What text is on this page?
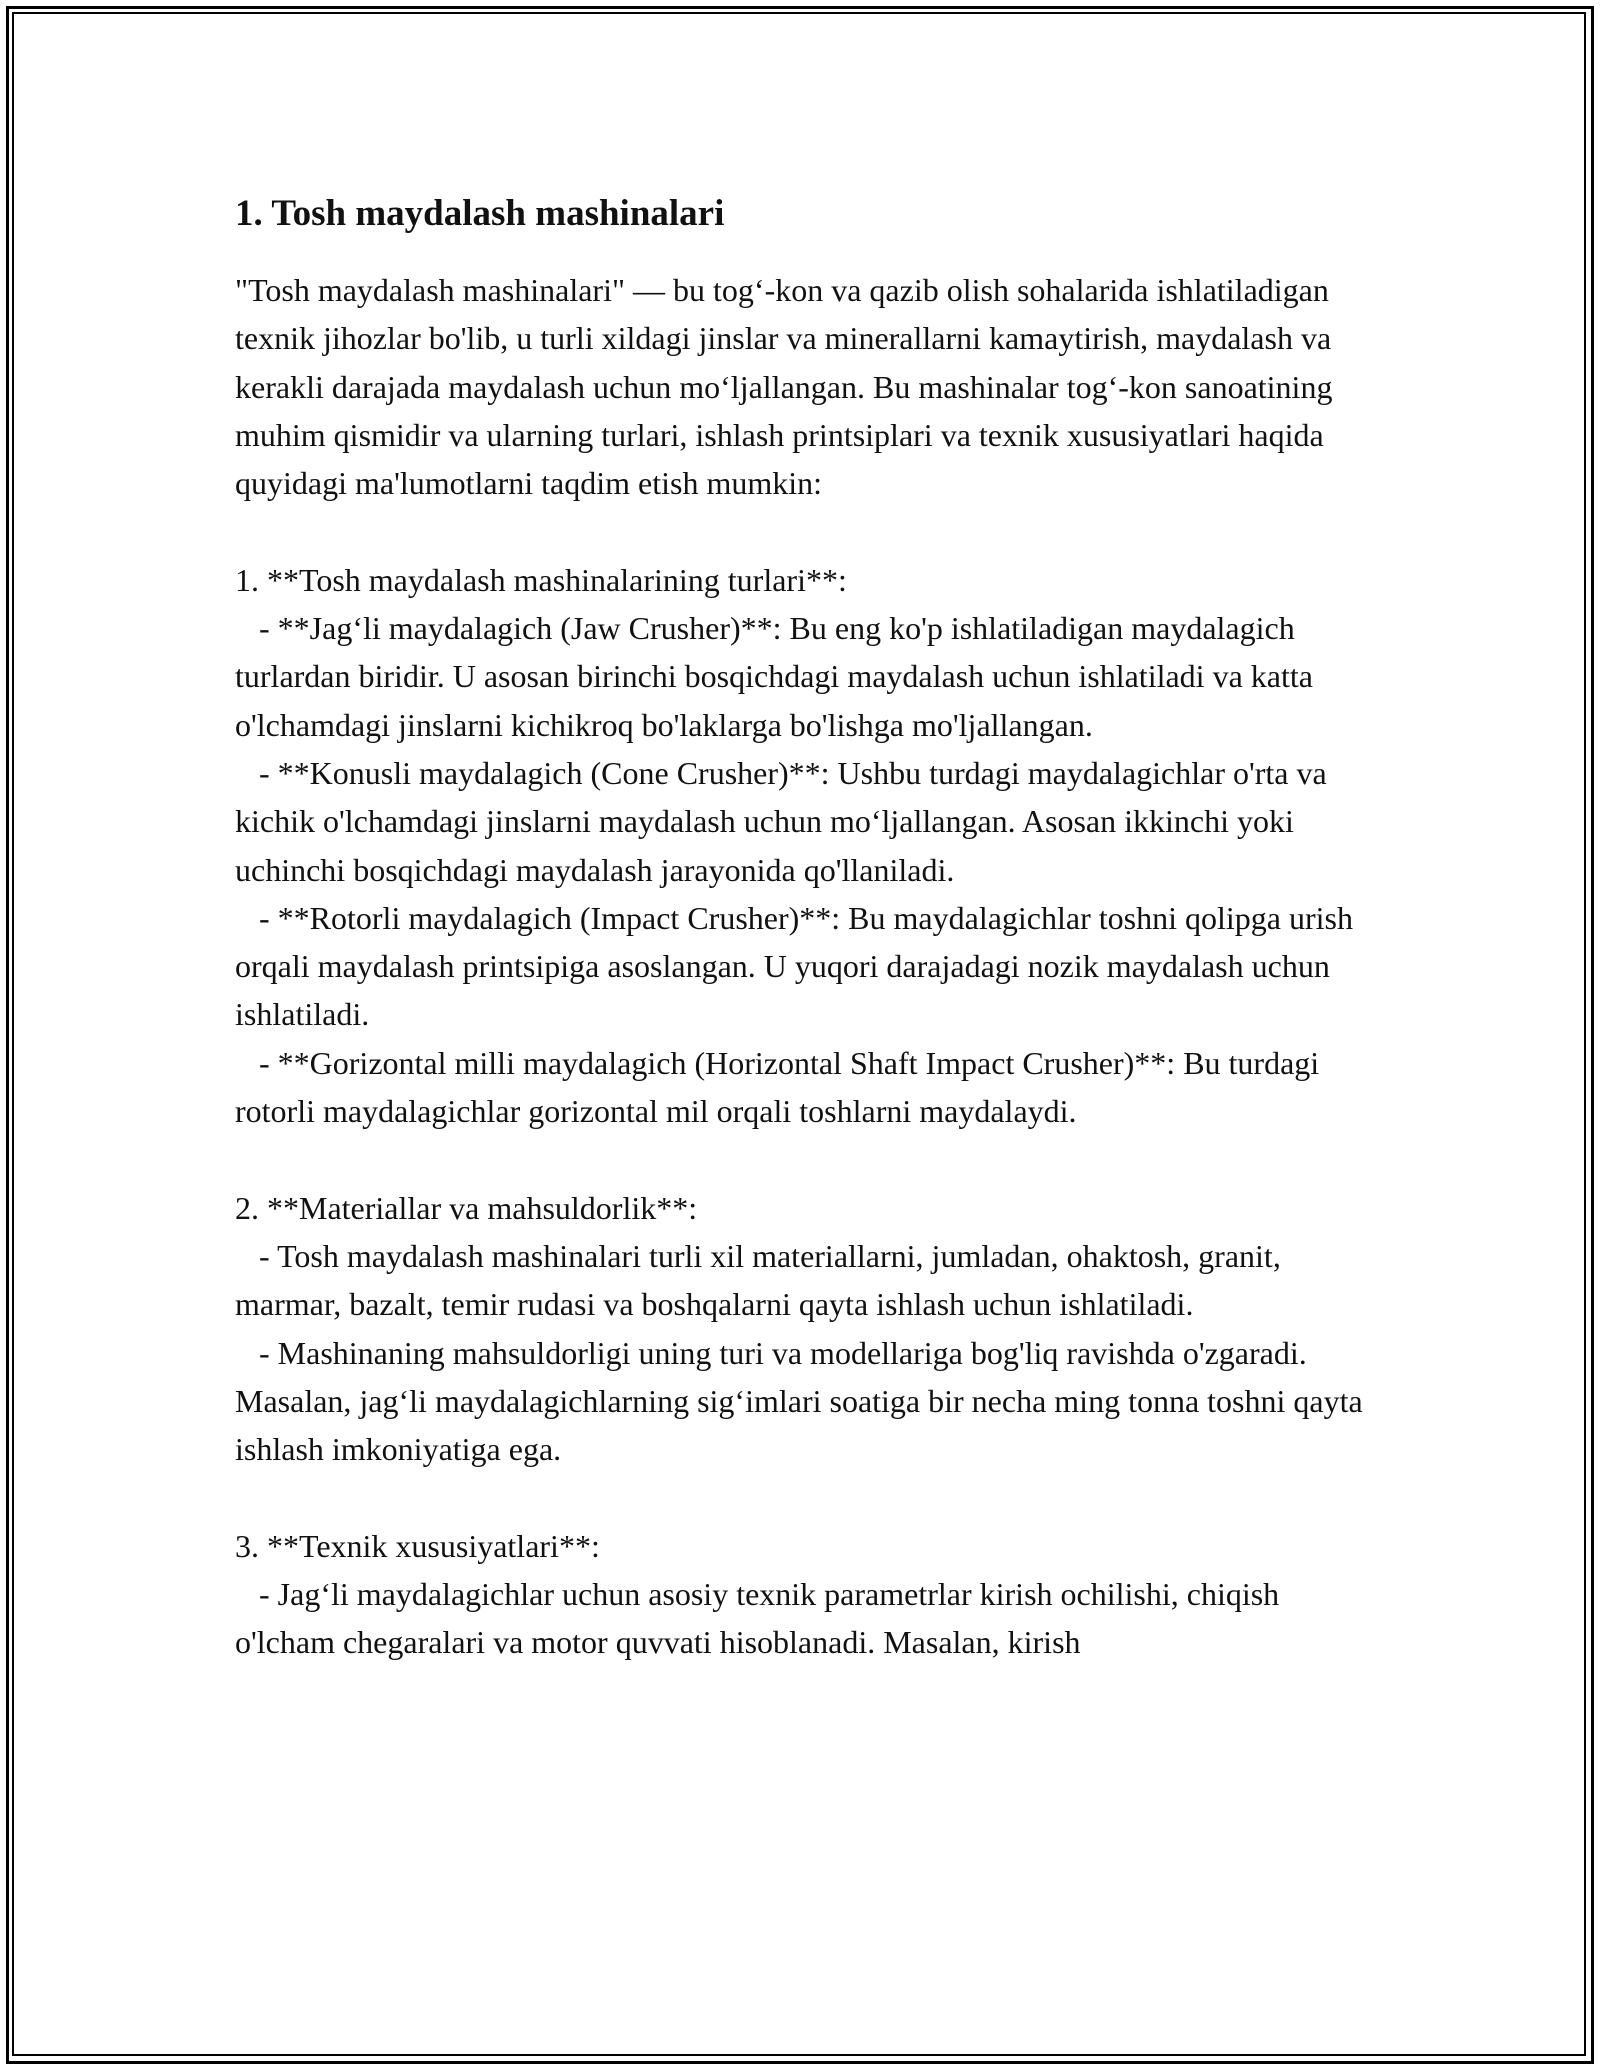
1. Tosh maydalash mashinalari
"Tosh maydalash mashinalari" — bu tog‘-kon va qazib olish sohalarida ishlatiladigan texnik jihozlar bo'lib, u turli xildagi jinslar va minerallarni kamaytirish, maydalash va kerakli darajada maydalash uchun mo‘ljallangan. Bu mashinalar tog‘-kon sanoatining muhim qismidir va ularning turlari, ishlash printsiplari va texnik xususiyatlari haqida quyidagi ma'lumotlarni taqdim etish mumkin:

1. **Tosh maydalash mashinalarining turlari**:
- **Jag‘li maydalagich (Jaw Crusher)**: Bu eng ko'p ishlatiladigan maydalagich turlardan biridir. U asosan birinchi bosqichdagi maydalash uchun ishlatiladi va katta o'lchamdagi jinslarni kichikroq bo'laklarga bo'lishga mo'ljallangan.
- **Konusli maydalagich (Cone Crusher)**: Ushbu turdagi maydalagichlar o'rta va kichik o'lchamdagi jinslarni maydalash uchun mo‘ljallangan. Asosan ikkinchi yoki uchinchi bosqichdagi maydalash jarayonida qo'llaniladi.
- **Rotorli maydalagich (Impact Crusher)**: Bu maydalagichlar toshni qolipga urish orqali maydalash printsipiga asoslangan. U yuqori darajadagi nozik maydalash uchun ishlatiladi.
- **Gorizontal milli maydalagich (Horizontal Shaft Impact Crusher)**: Bu turdagi rotorli maydalagichlar gorizontal mil orqali toshlarni maydalaydi.

2. **Materiallar va mahsuldorlik**:
- Tosh maydalash mashinalari turli xil materiallarni, jumladan, ohaktosh, granit, marmar, bazalt, temir rudasi va boshqalarni qayta ishlash uchun ishlatiladi.
- Mashinaning mahsuldorligi uning turi va modellariga bog'liq ravishda o'zgaradi. Masalan, jag‘li maydalagichlarning sig‘imlari soatiga bir necha ming tonna toshni qayta ishlash imkoniyatiga ega.

3. **Texnik xususiyatlari**:
- Jag‘li maydalagichlar uchun asosiy texnik parametrlar kirish ochilishi, chiqish o'lcham chegaralari va motor quvvati hisoblanadi. Masalan, kirish
